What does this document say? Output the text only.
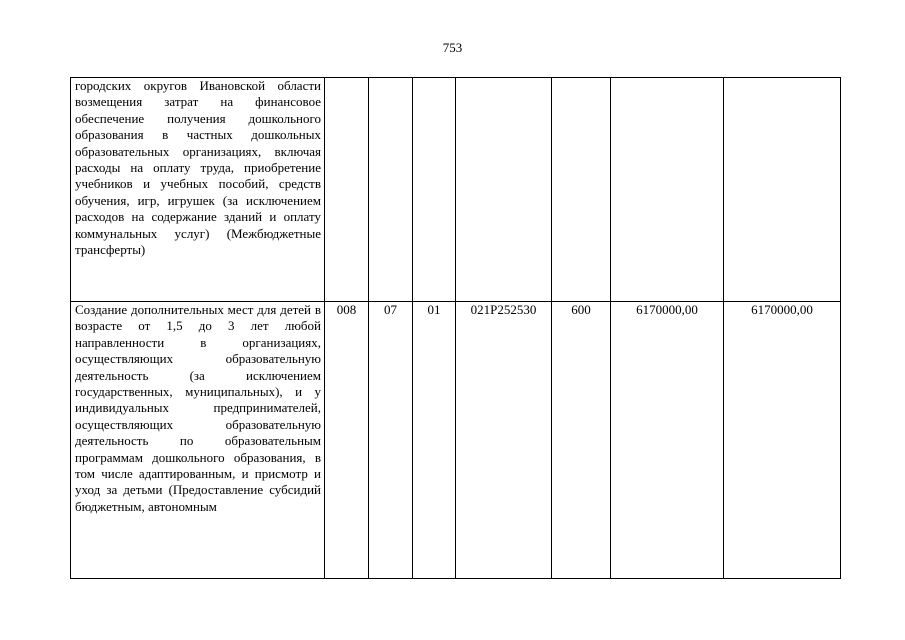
753
городских округов Ивановской области возмещения затрат на финансовое обеспечение получения дошкольного образования в частных дошкольных образовательных организациях, включая расходы на оплату труда, приобретение учебников и учебных пособий, средств обучения, игр, игрушек (за исключением расходов на содержание зданий и оплату коммунальных услуг) (Межбюджетные трансферты)							
Создание дополнительных мест для детей в возрасте от 1,5 до 3 лет любой направленности в организациях, осуществляющих образовательную деятельность (за исключением государственных, муниципальных), и у индивидуальных предпринимателей, осуществляющих образовательную деятельность по образовательным программам дошкольного образования, в том числе адаптированным, и присмотр и уход за детьми (Предоставление субсидий бюджетным, автономным	008	07	01	021P252530	600	6170000,00	6170000,00
